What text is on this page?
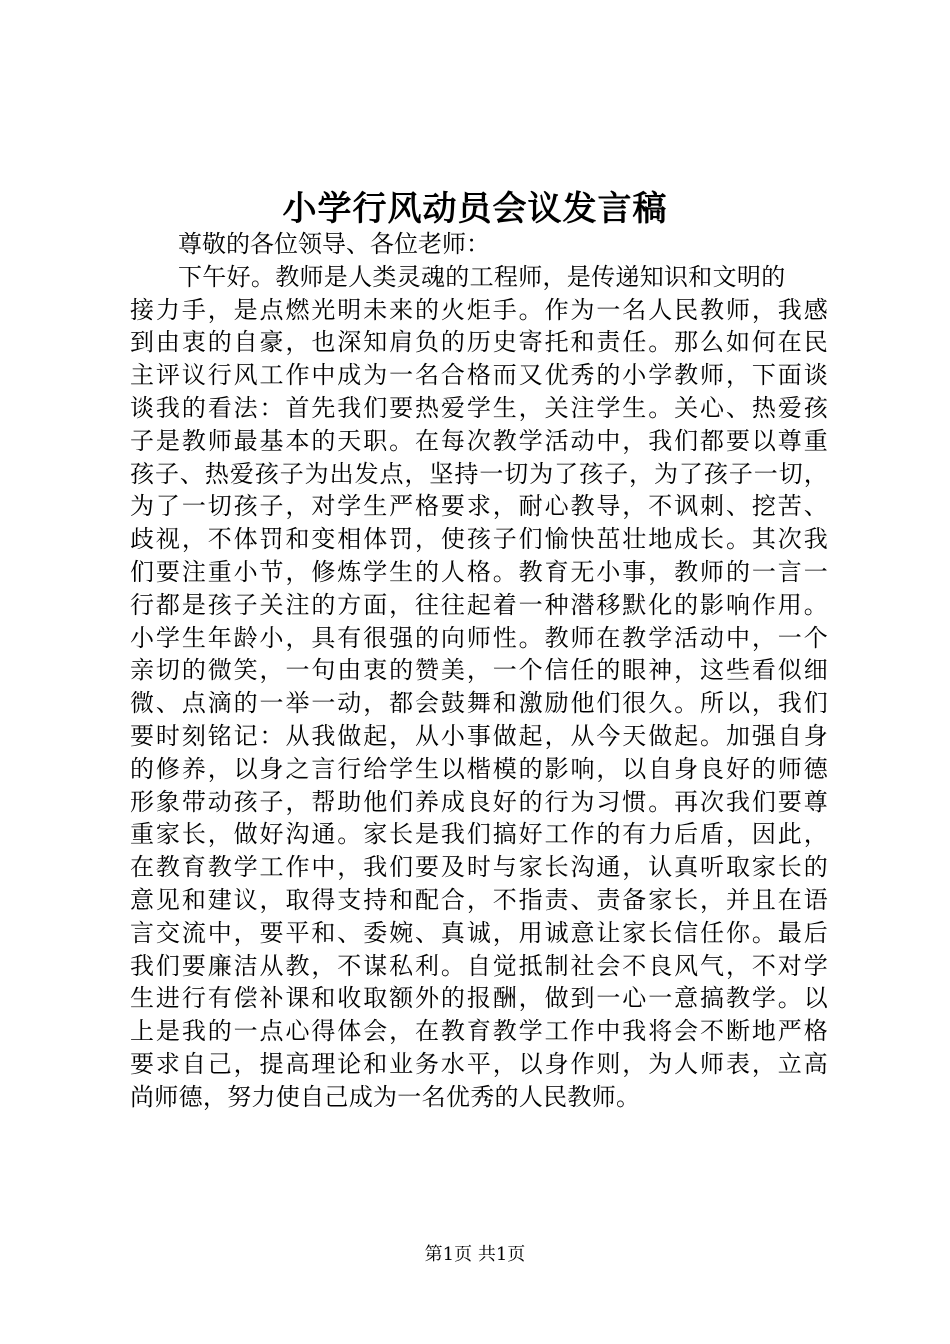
小学行风动员会议发言稿
尊敬的各位领导、各位老师：
下午好。教师是人类灵魂的工程师，是传递知识和文明的
接力手，是点燃光明未来的火炬手。作为一名人民教师，我感
到由衷的自豪，也深知肩负的历史寄托和责任。那么如何在民
主评议行风工作中成为一名合格而又优秀的小学教师，下面谈
谈我的看法：首先我们要热爱学生，关注学生。关心、热爱孩
子是教师最基本的天职。在每次教学活动中，我们都要以尊重
孩子、热爱孩子为出发点，坚持一切为了孩子，为了孩子一切，
为了一切孩子，对学生严格要求，耐心教导，不讽刺、挖苦、
歧视，不体罚和变相体罚，使孩子们愉快茁壮地成长。其次我
们要注重小节，修炼学生的人格。教育无小事，教师的一言一
行都是孩子关注的方面，往往起着一种潜移默化的影响作用。
小学生年龄小，具有很强的向师性。教师在教学活动中，一个
亲切的微笑，一句由衷的赞美，一个信任的眼神，这些看似细
微、点滴的一举一动，都会鼓舞和激励他们很久。所以，我们
要时刻铭记：从我做起，从小事做起，从今天做起。加强自身
的修养，以身之言行给学生以楷模的影响，以自身良好的师德
形象带动孩子，帮助他们养成良好的行为习惯。再次我们要尊
重家长，做好沟通。家长是我们搞好工作的有力后盾，因此，
在教育教学工作中，我们要及时与家长沟通，认真听取家长的
意见和建议，取得支持和配合，不指责、责备家长，并且在语
言交流中，要平和、委婉、真诚，用诚意让家长信任你。最后
我们要廉洁从教，不谋私利。自觉抵制社会不良风气，不对学
生进行有偿补课和收取额外的报酬，做到一心一意搞教学。以
上是我的一点心得体会，在教育教学工作中我将会不断地严格
要求自己，提高理论和业务水平，以身作则，为人师表，立高
尚师德，努力使自己成为一名优秀的人民教师。
第1页 共1页
